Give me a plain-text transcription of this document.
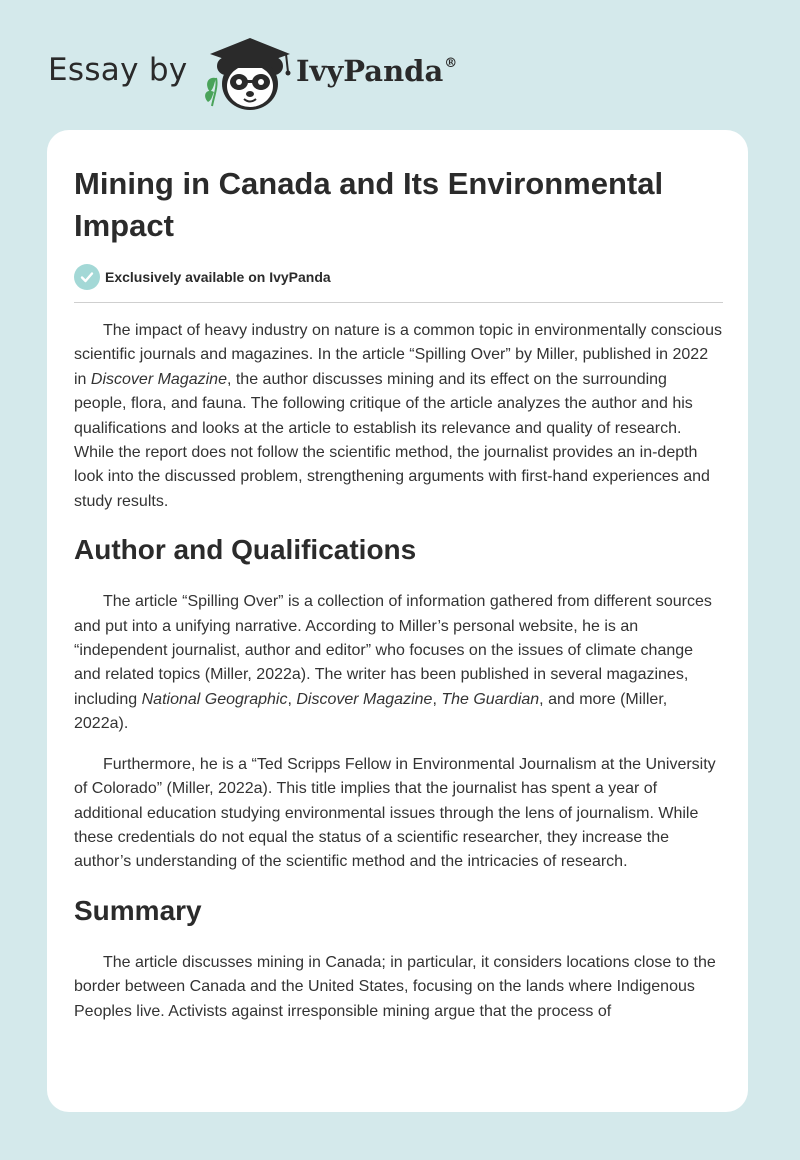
Essay by	IvyPanda®
Mining in Canada and Its Environmental Impact
Exclusively available on IvyPanda

The impact of heavy industry on nature is a common topic in environmentally conscious scientific journals and magazines. In the article “Spilling Over” by Miller, published in 2022 in Discover Magazine, the author discusses mining and its effect on the surrounding people, flora, and fauna. The following critique of the article analyzes the author and his qualifications and looks at the article to establish its relevance and quality of research. While the report does not follow the scientific method, the journalist provides an in-depth look into the discussed problem, strengthening arguments with first-hand experiences and study results.

Author and Qualifications

The article “Spilling Over” is a collection of information gathered from different sources and put into a unifying narrative. According to Miller’s personal website, he is an “independent journalist, author and editor” who focuses on the issues of climate change and related topics (Miller, 2022a). The writer has been published in several magazines, including National Geographic, Discover Magazine, The Guardian, and more (Miller, 2022a).

Furthermore, he is a “Ted Scripps Fellow in Environmental Journalism at the University of Colorado” (Miller, 2022a). This title implies that the journalist has spent a year of additional education studying environmental issues through the lens of journalism. While these credentials do not equal the status of a scientific researcher, they increase the author’s understanding of the scientific method and the intricacies of research.

Summary

The article discusses mining in Canada; in particular, it considers locations close to the border between Canada and the United States, focusing on the lands where Indigenous Peoples live. Activists against irresponsible mining argue that the process of
